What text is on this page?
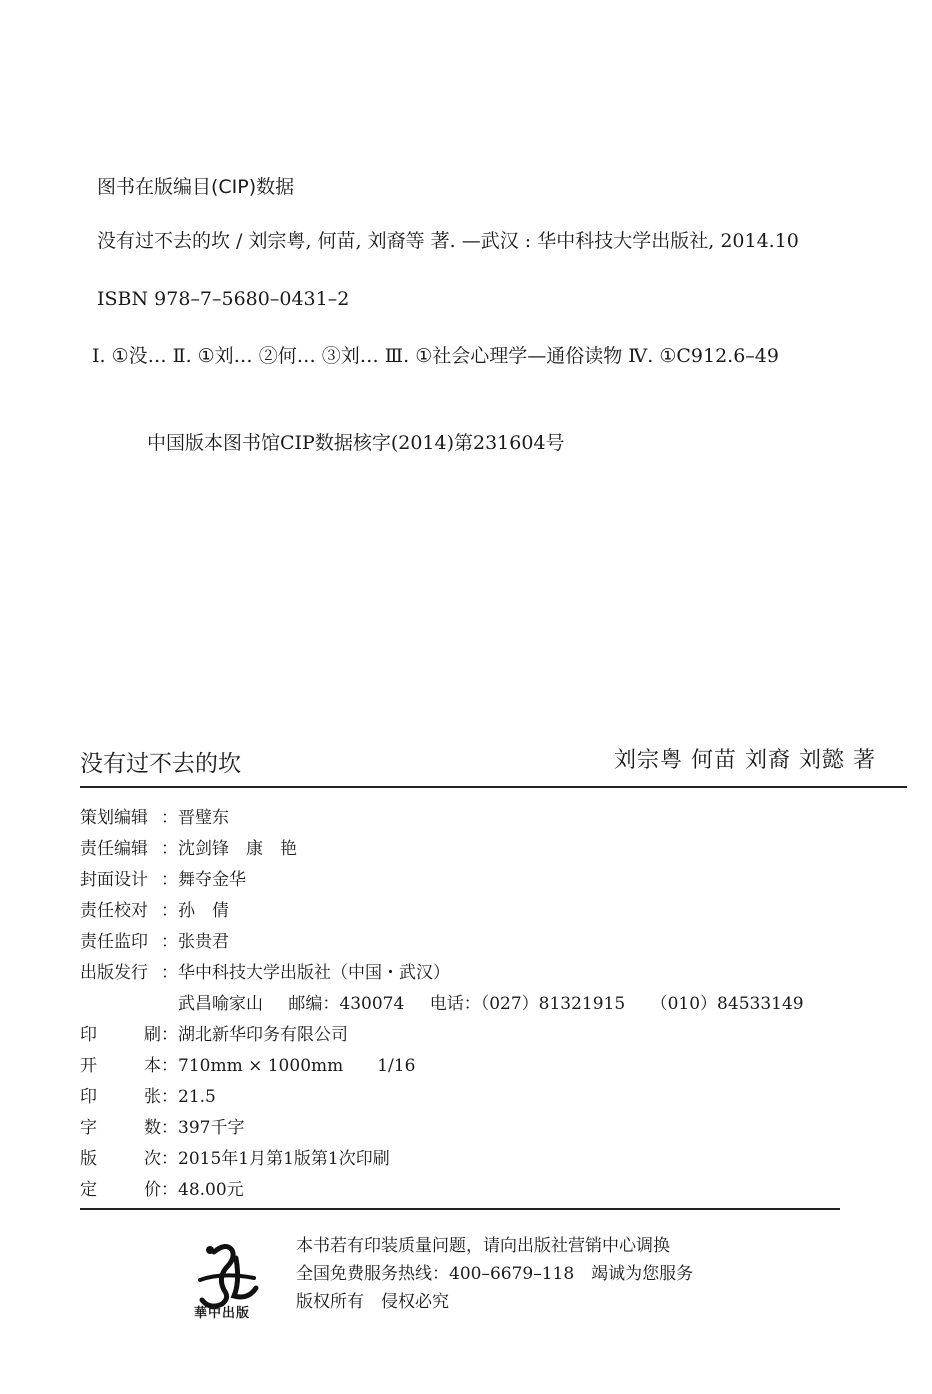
图书在版编目(CIP)数据
没有过不去的坎 / 刘宗粤, 何苗, 刘裔等 著. —武汉 : 华中科技大学出版社, 2014.10
ISBN 978–7–5680–0431–2
Ⅰ. ①没… Ⅱ. ①刘… ②何… ③刘… Ⅲ. ①社会心理学—通俗读物 Ⅳ. ①C912.6–49
中国版本图书馆CIP数据核字(2014)第231604号
没有过不去的坎	刘宗粤 何苗 刘裔 刘懿 著
策划编辑 ： 晋璧东
责任编辑 ： 沈剑锋　康　艳
封面设计 ： 舞夺金华
责任校对 ： 孙　倩
责任监印 ： 张贵君
出版发行 ： 华中科技大学出版社（中国・武汉）
武昌喻家山 邮编：430074 电话：（027）81321915 （010）84533149
印	刷： 湖北新华印务有限公司
开	本： 710mm × 1000mm　　1/16
印	张： 21.5
字	数： 397千字
版	次： 2015年1月第1版第1次印刷
定	价： 48.00元
華中出版
本书若有印装质量问题，请向出版社营销中心调换
全国免费服务热线：400–6679–118　竭诚为您服务
版权所有　侵权必究
